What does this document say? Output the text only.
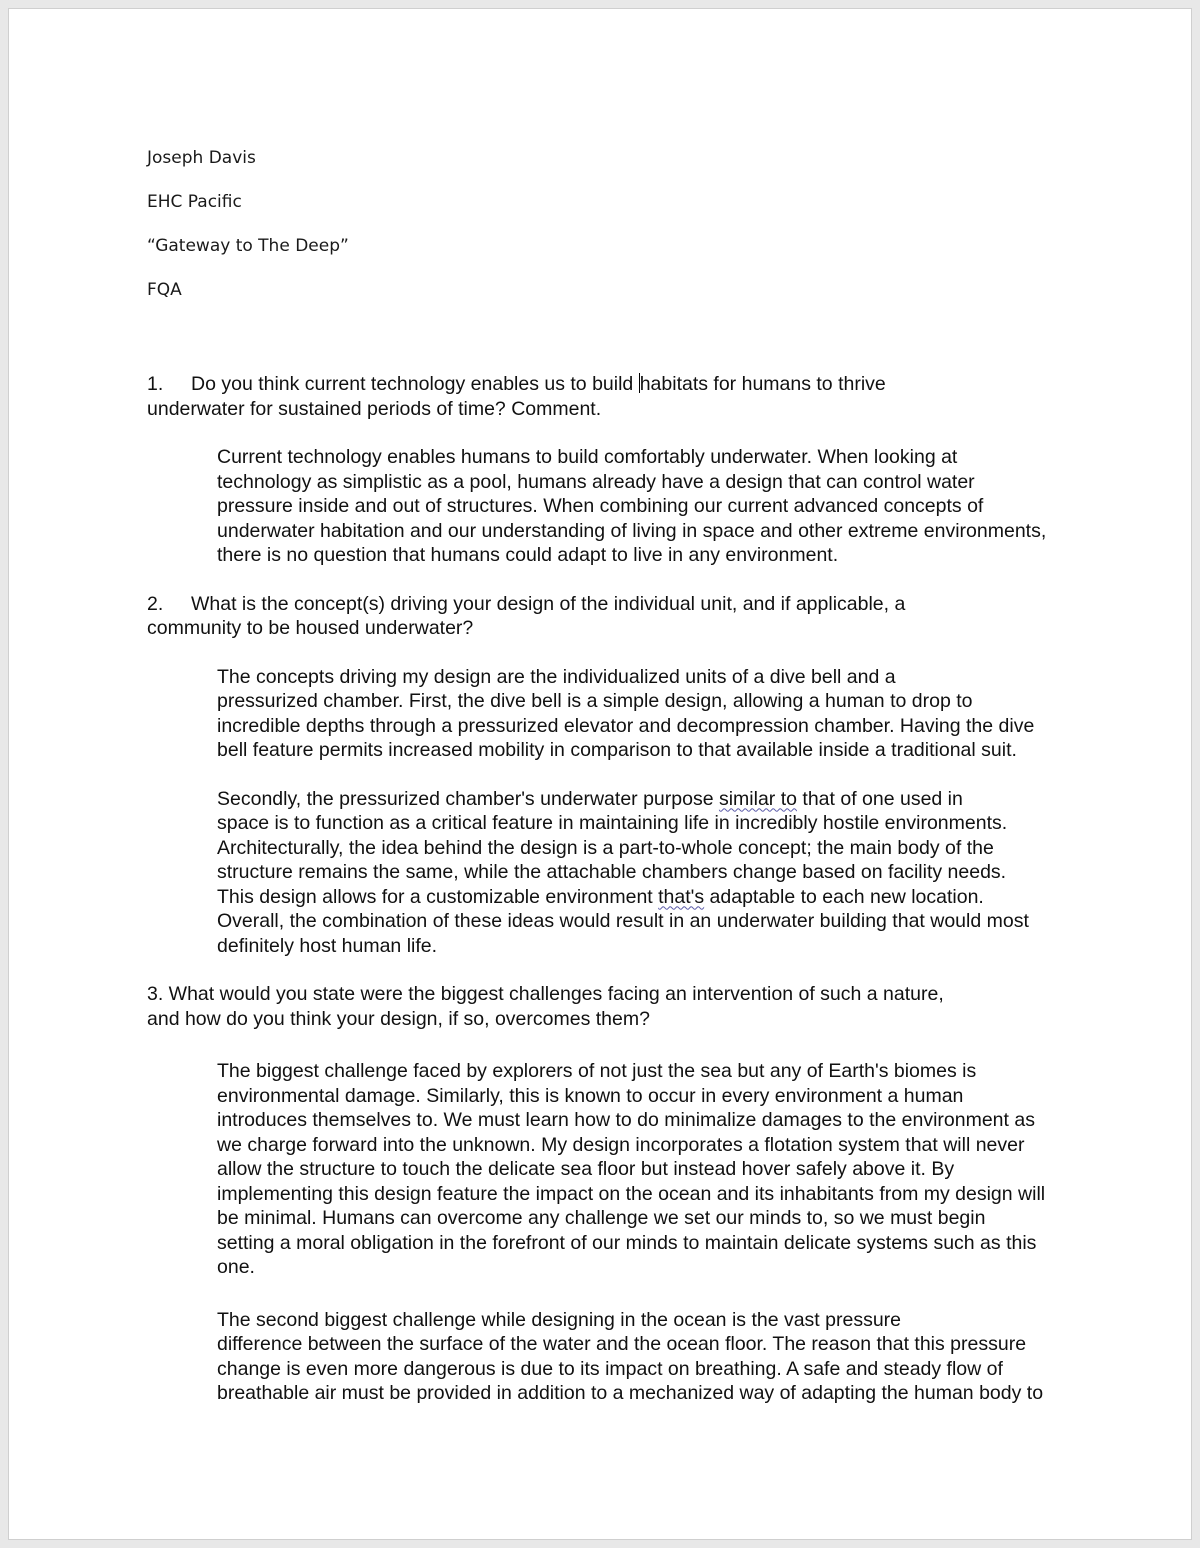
Joseph Davis
EHC Pacific
“Gateway to The Deep”
FQA
1. Do you think current technology enables us to build habitats for humans to thrive
underwater for sustained periods of time? Comment.
Current technology enables humans to build comfortably underwater. When looking at
technology as simplistic as a pool, humans already have a design that can control water
pressure inside and out of structures. When combining our current advanced concepts of
underwater habitation and our understanding of living in space and other extreme environments,
there is no question that humans could adapt to live in any environment.
2. What is the concept(s) driving your design of the individual unit, and if applicable, a
community to be housed underwater?
The concepts driving my design are the individualized units of a dive bell and a
pressurized chamber. First, the dive bell is a simple design, allowing a human to drop to
incredible depths through a pressurized elevator and decompression chamber. Having the dive
bell feature permits increased mobility in comparison to that available inside a traditional suit.
Secondly, the pressurized chamber's underwater purpose similar to that of one used in
space is to function as a critical feature in maintaining life in incredibly hostile environments.
Architecturally, the idea behind the design is a part-to-whole concept; the main body of the
structure remains the same, while the attachable chambers change based on facility needs.
This design allows for a customizable environment that's adaptable to each new location.
Overall, the combination of these ideas would result in an underwater building that would most
definitely host human life.
3. What would you state were the biggest challenges facing an intervention of such a nature,
and how do you think your design, if so, overcomes them?
The biggest challenge faced by explorers of not just the sea but any of Earth's biomes is
environmental damage. Similarly, this is known to occur in every environment a human
introduces themselves to. We must learn how to do minimalize damages to the environment as
we charge forward into the unknown. My design incorporates a flotation system that will never
allow the structure to touch the delicate sea floor but instead hover safely above it. By
implementing this design feature the impact on the ocean and its inhabitants from my design will
be minimal. Humans can overcome any challenge we set our minds to, so we must begin
setting a moral obligation in the forefront of our minds to maintain delicate systems such as this
one.
The second biggest challenge while designing in the ocean is the vast pressure
difference between the surface of the water and the ocean floor. The reason that this pressure
change is even more dangerous is due to its impact on breathing. A safe and steady flow of
breathable air must be provided in addition to a mechanized way of adapting the human body to
